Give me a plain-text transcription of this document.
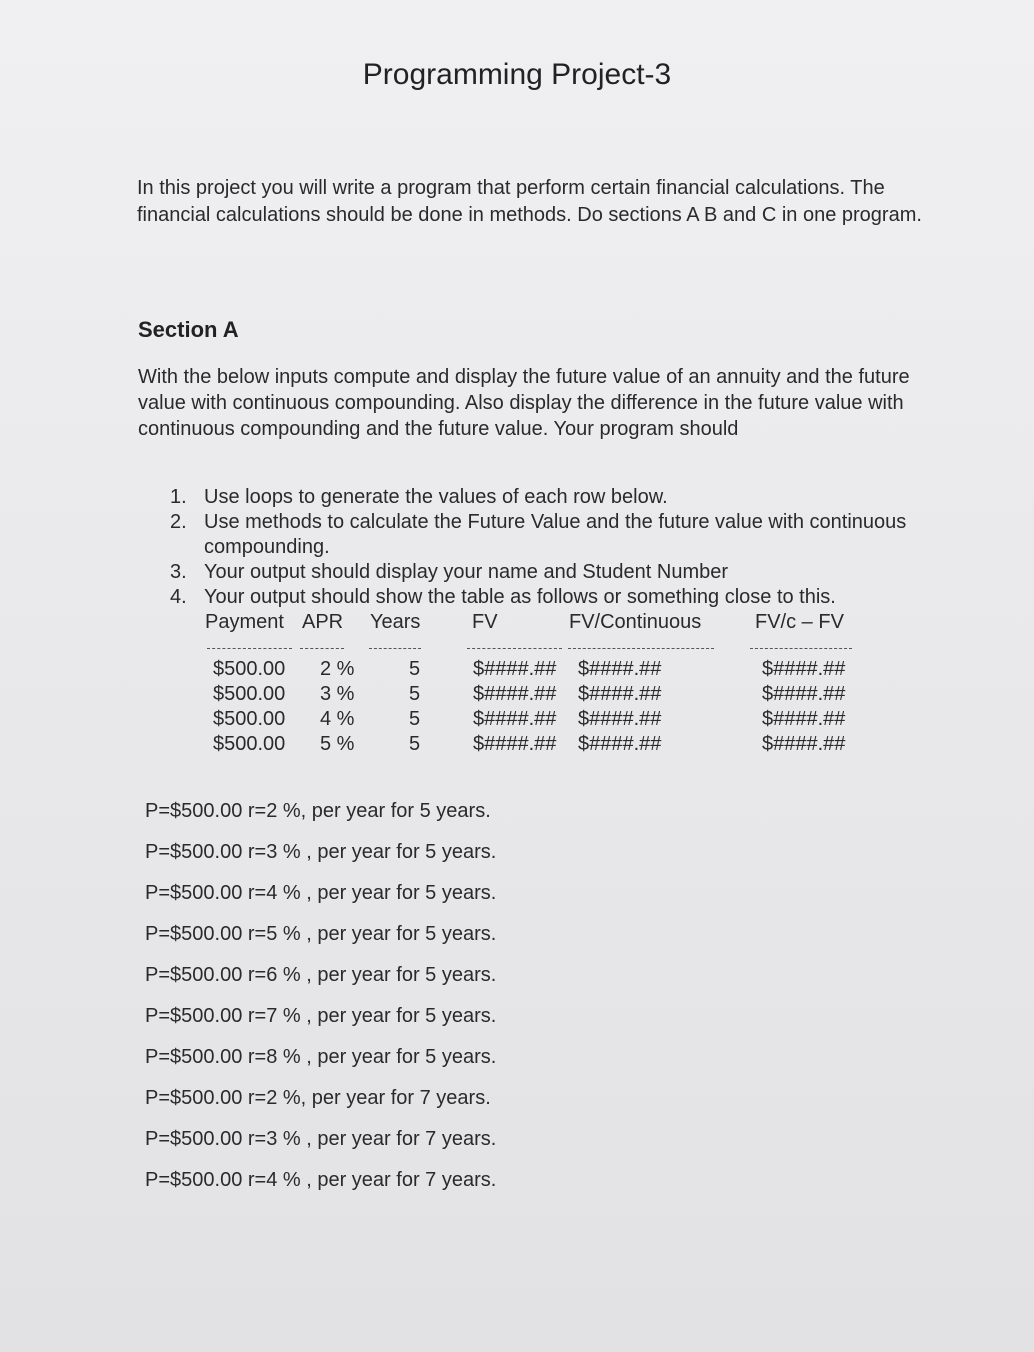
Programming Project-3
In this project you will write a program that perform certain financial calculations. The financial calculations should be done in methods. Do sections A B and C in one program.
Section A
With the below inputs compute and display the future value of an annuity and the future value with continuous compounding. Also display the difference in the future value with continuous compounding and the future value. Your program should
1. Use loops to generate the values of each row below.
2. Use methods to calculate the Future Value and the future value with continuous compounding.
3. Your output should display your name and Student Number
4. Your output should show the table as follows or something close to this.
Payment APR Years	FV	FV/Continuous	FV/c – FV
$500.00 2 %	5	$####.## $####.##	$####.##
$500.00 3 %	5	$####.## $####.##	$####.##
$500.00 4 %	5	$####.## $####.##	$####.##
$500.00 5 %	5	$####.## $####.##	$####.##
P=$500.00 r=2 %, per year for 5 years.
P=$500.00 r=3 % , per year for 5 years.
P=$500.00 r=4 % , per year for 5 years.
P=$500.00 r=5 % , per year for 5 years.
P=$500.00 r=6 % , per year for 5 years.
P=$500.00 r=7 % , per year for 5 years.
P=$500.00 r=8 % , per year for 5 years.
P=$500.00 r=2 %, per year for 7 years.
P=$500.00 r=3 % , per year for 7 years.
P=$500.00 r=4 % , per year for 7 years.
